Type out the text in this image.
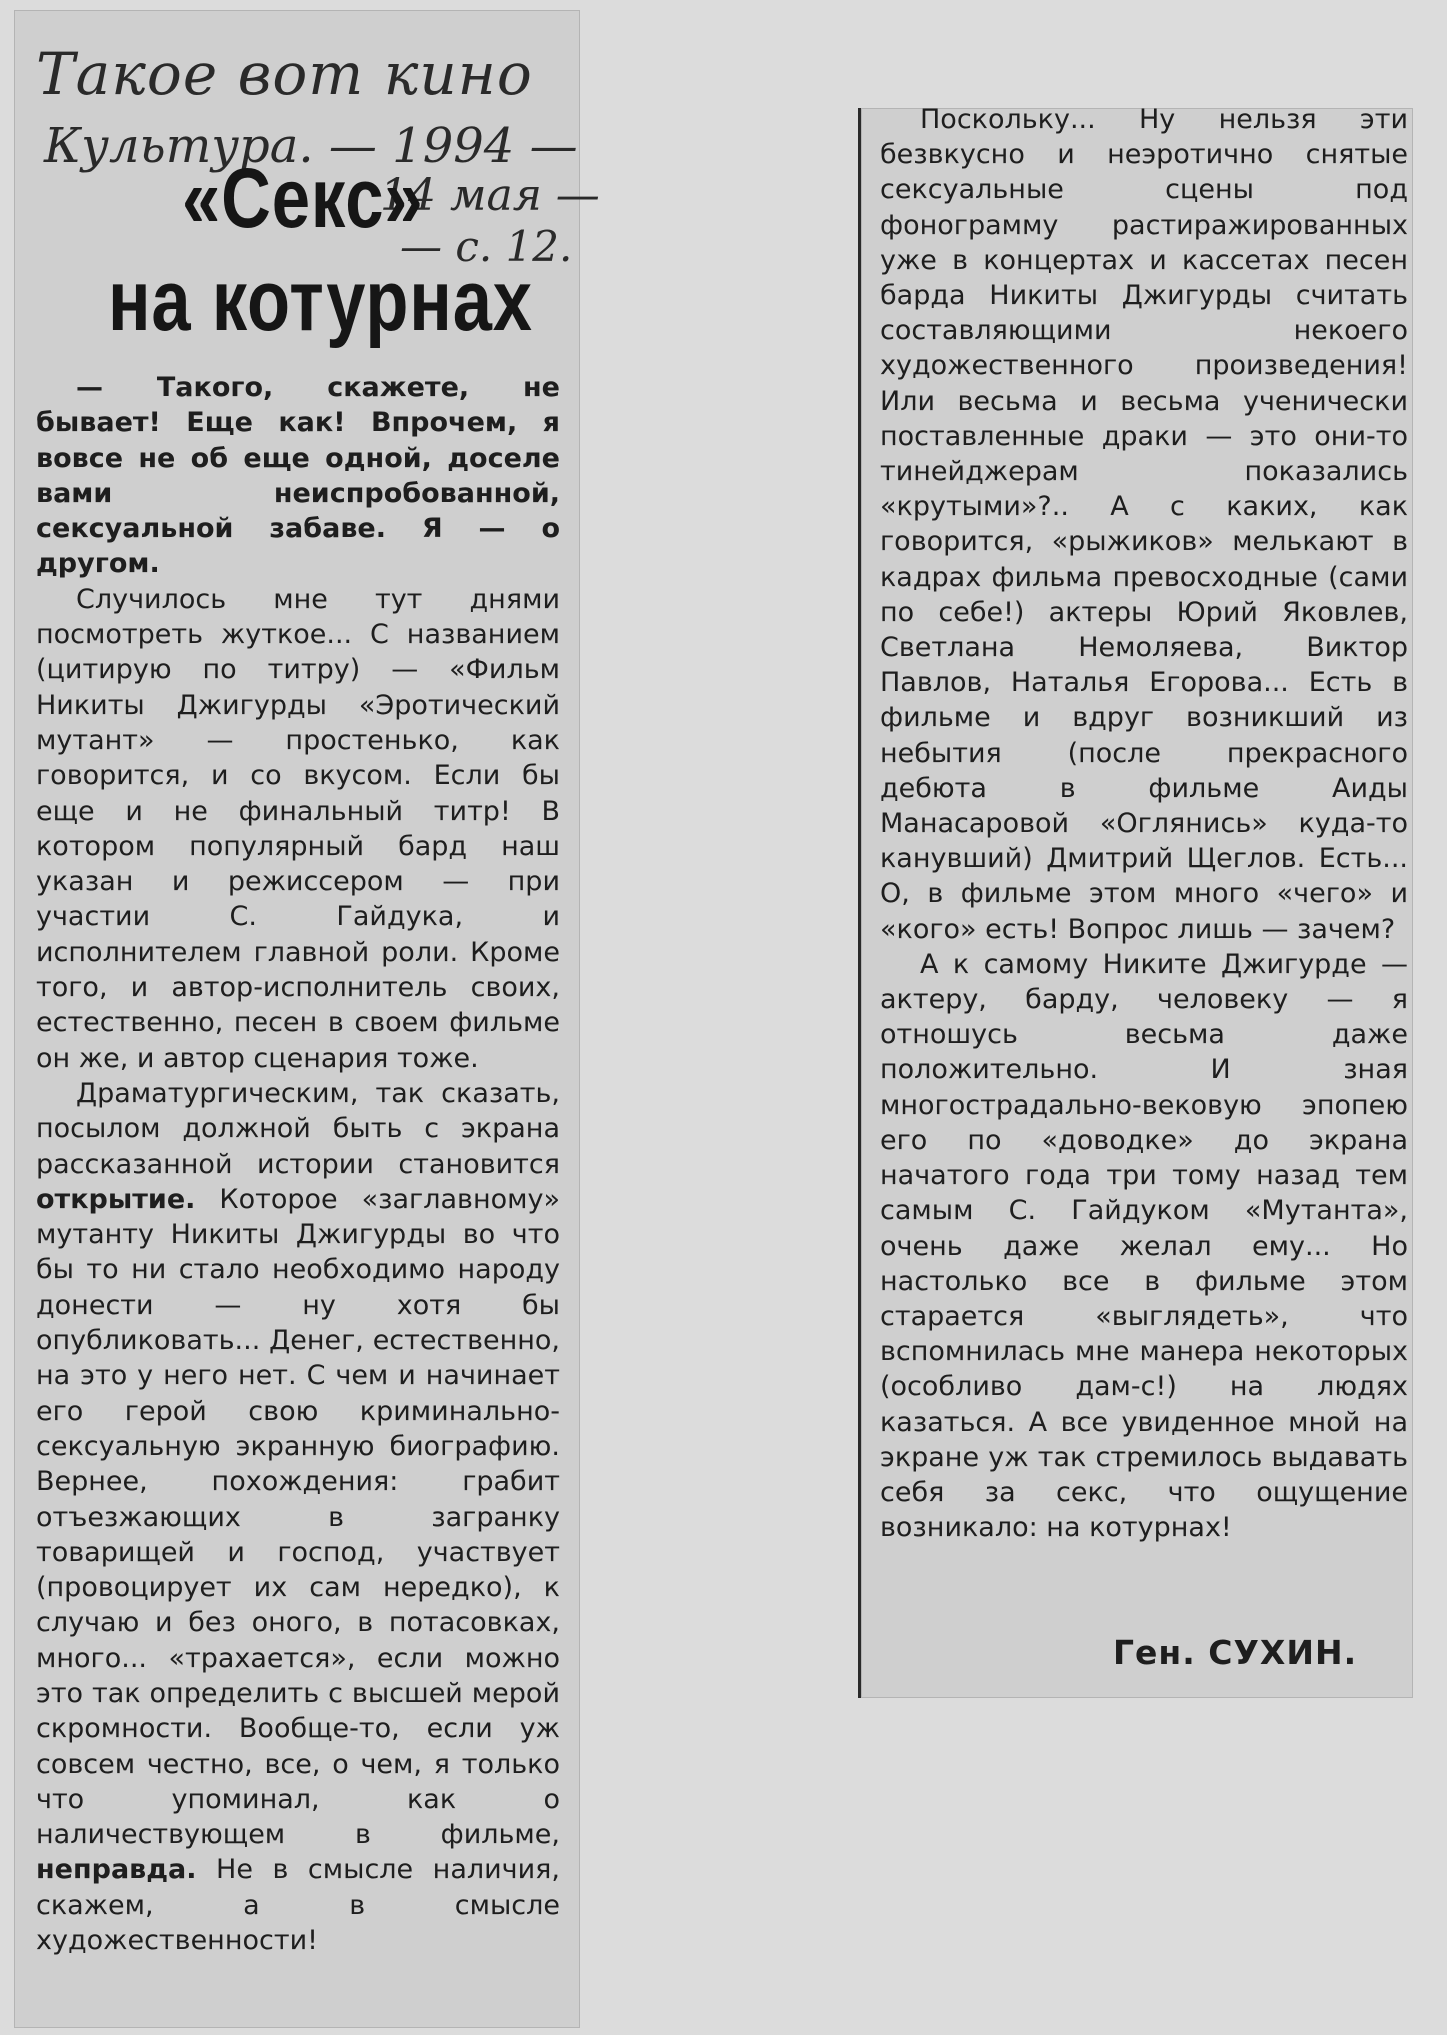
Такое вот кино
Культура. — 1994 —
14 мая —
— с. 12.
«Секс»
на котурнах

— Такого, скажете, не бывает! Еще как! Впрочем, я вовсе не об еще одной, доселе вами неиспробованной, сексуальной забаве. Я — о другом.

Случилось мне тут днями посмотреть жуткое... С названием (цитирую по титру) — «Фильм Никиты Джигурды «Эротический мутант» — простенько, как говорится, и со вкусом. Если бы еще и не финальный титр! В котором популярный бард наш указан и режиссером — при участии С. Гайдука, и исполнителем главной роли. Кроме того, и автор-исполнитель своих, естественно, песен в своем фильме он же, и автор сценария тоже.

Драматургическим, так сказать, посылом должной быть с экрана рассказанной истории становится открытие. Которое «заглавному» мутанту Никиты Джигурды во что бы то ни стало необходимо народу донести — ну хотя бы опубликовать... Денег, естественно, на это у него нет. С чем и начинает его герой свою криминально-сексуальную экранную биографию. Вернее, похождения: грабит отъезжающих в загранку товарищей и господ, участвует (провоцирует их сам нередко), к случаю и без оного, в потасовках, много... «трахается», если можно это так определить с высшей мерой скромности. Вообще-то, если уж совсем честно, все, о чем, я только что упоминал, как о наличествующем в фильме, неправда. Не в смысле наличия, скажем, а в смысле художественности!

Поскольку... Ну нельзя эти безвкусно и неэротично снятые сексуальные сцены под фонограмму растиражированных уже в концертах и кассетах песен барда Никиты Джигурды считать составляющими некоего художественного произведения! Или весьма и весьма ученически поставленные драки — это они-то тинейджерам показались «крутыми»?.. А с каких, как говорится, «рыжиков» мелькают в кадрах фильма превосходные (сами по себе!) актеры Юрий Яковлев, Светлана Немоляева, Виктор Павлов, Наталья Егорова... Есть в фильме и вдруг возникший из небытия (после прекрасного дебюта в фильме Аиды Манасаровой «Оглянись» куда-то канувший) Дмитрий Щеглов. Есть... О, в фильме этом много «чего» и «кого» есть! Вопрос лишь — зачем?

А к самому Никите Джигурде — актеру, барду, человеку — я отношусь весьма даже положительно. И зная многострадально-вековую эпопею его по «доводке» до экрана начатого года три тому назад тем самым С. Гайдуком «Мутанта», очень даже желал ему... Но настолько все в фильме этом старается «выглядеть», что вспомнилась мне манера некоторых (особливо дам-с!) на людях казаться. А все увиденное мной на экране уж так стремилось выдавать себя за секс, что ощущение возникало: на котурнах!

Ген. СУХИН.
